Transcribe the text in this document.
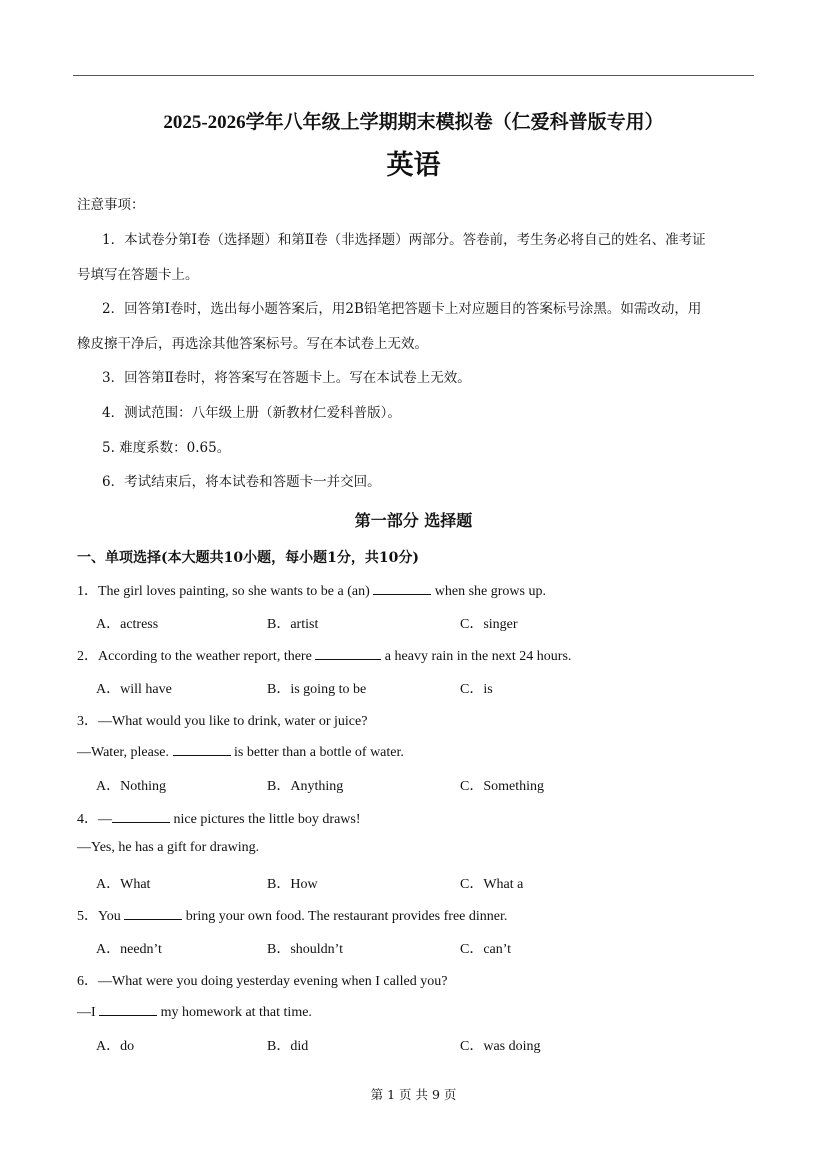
2025-2026学年八年级上学期期末模拟卷（仁爱科普版专用）
英语
注意事项：
1．本试卷分第Ⅰ卷（选择题）和第Ⅱ卷（非选择题）两部分。答卷前，考生务必将自己的姓名、准考证
号填写在答题卡上。
2．回答第Ⅰ卷时，选出每小题答案后，用2B铅笔把答题卡上对应题目的答案标号涂黑。如需改动，用
橡皮擦干净后，再选涂其他答案标号。写在本试卷上无效。
3．回答第Ⅱ卷时，将答案写在答题卡上。写在本试卷上无效。
4．测试范围：八年级上册（新教材仁爱科普版）。
5. 难度系数：0.65。
6．考试结束后，将本试卷和答题卡一并交回。
第一部分 选择题
一、单项选择(本大题共10小题，每小题1分，共10分)
1．The girl loves painting, so she wants to be a (an)	when she grows up.
A．actress	B．artist	C．singer
2．According to the weather report, there	a heavy rain in the next 24 hours.
A．will have	B．is going to be	C．is
3．—What would you like to drink, water or juice?
—Water, please.	is better than a bottle of water.
A．Nothing	B．Anything	C．Something
4．—	nice pictures the little boy draws!
—Yes, he has a gift for drawing.
A．What	B．How	C．What a
5．You	bring your own food. The restaurant provides free dinner.
A．needn’t	B．shouldn’t	C．can’t
6．—What were you doing yesterday evening when I called you?
—I	my homework at that time.
A．do	B．did	C．was doing
第 1 页 共 9 页
